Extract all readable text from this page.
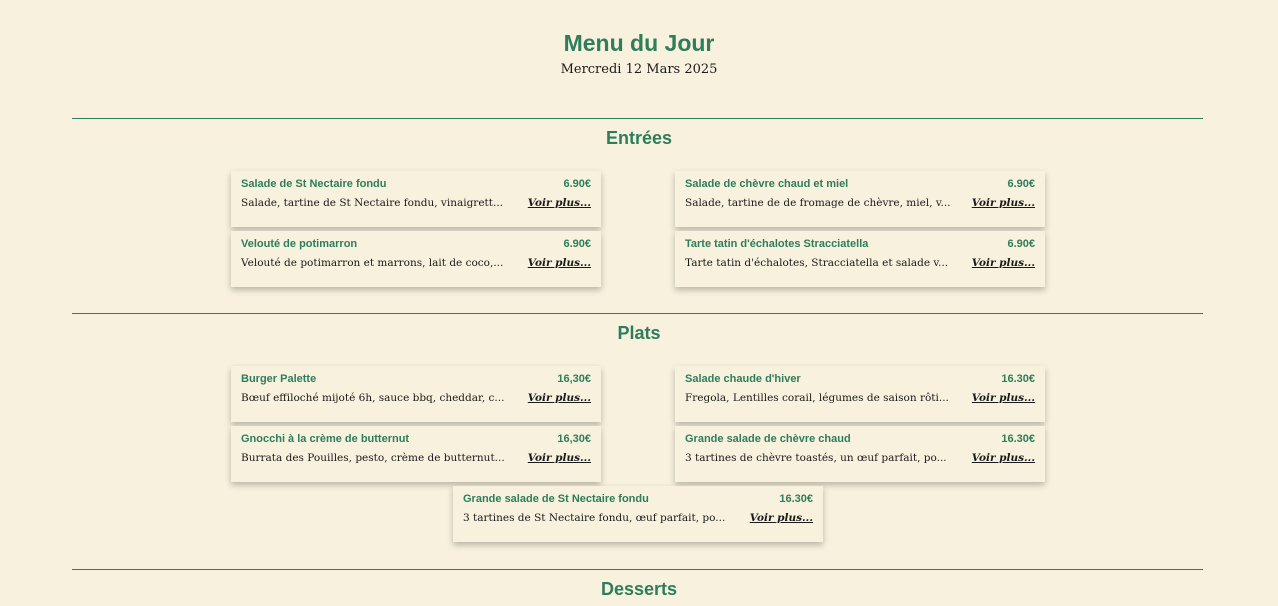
Menu du Jour
Mercredi 12 Mars 2025
Entrées
Salade de St Nectaire fondu	6.90€
Salade, tartine de St Nectaire fondu, vinaigrett... Voir plus...
Salade de chèvre chaud et miel	6.90€
Salade, tartine de de fromage de chèvre, miel, v... Voir plus...
Velouté de potimarron	6.90€
Velouté de potimarron et marrons, lait de coco,... Voir plus...
Tarte tatin d'échalotes Stracciatella	6.90€
Tarte tatin d'échalotes, Stracciatella et salade v... Voir plus...
Plats
Burger Palette	16,30€
Bœuf effiloché mijoté 6h, sauce bbq, cheddar, c... Voir plus...
Salade chaude d'hiver	16.30€
Fregola, Lentilles corail, légumes de saison rôti... Voir plus...
Gnocchi à la crème de butternut	16,30€
Burrata des Pouilles, pesto, crème de butternut... Voir plus...
Grande salade de chèvre chaud	16.30€
3 tartines de chèvre toastés, un œuf parfait, po... Voir plus...
Grande salade de St Nectaire fondu	16.30€
3 tartines de St Nectaire fondu, œuf parfait, po... Voir plus...
Desserts
